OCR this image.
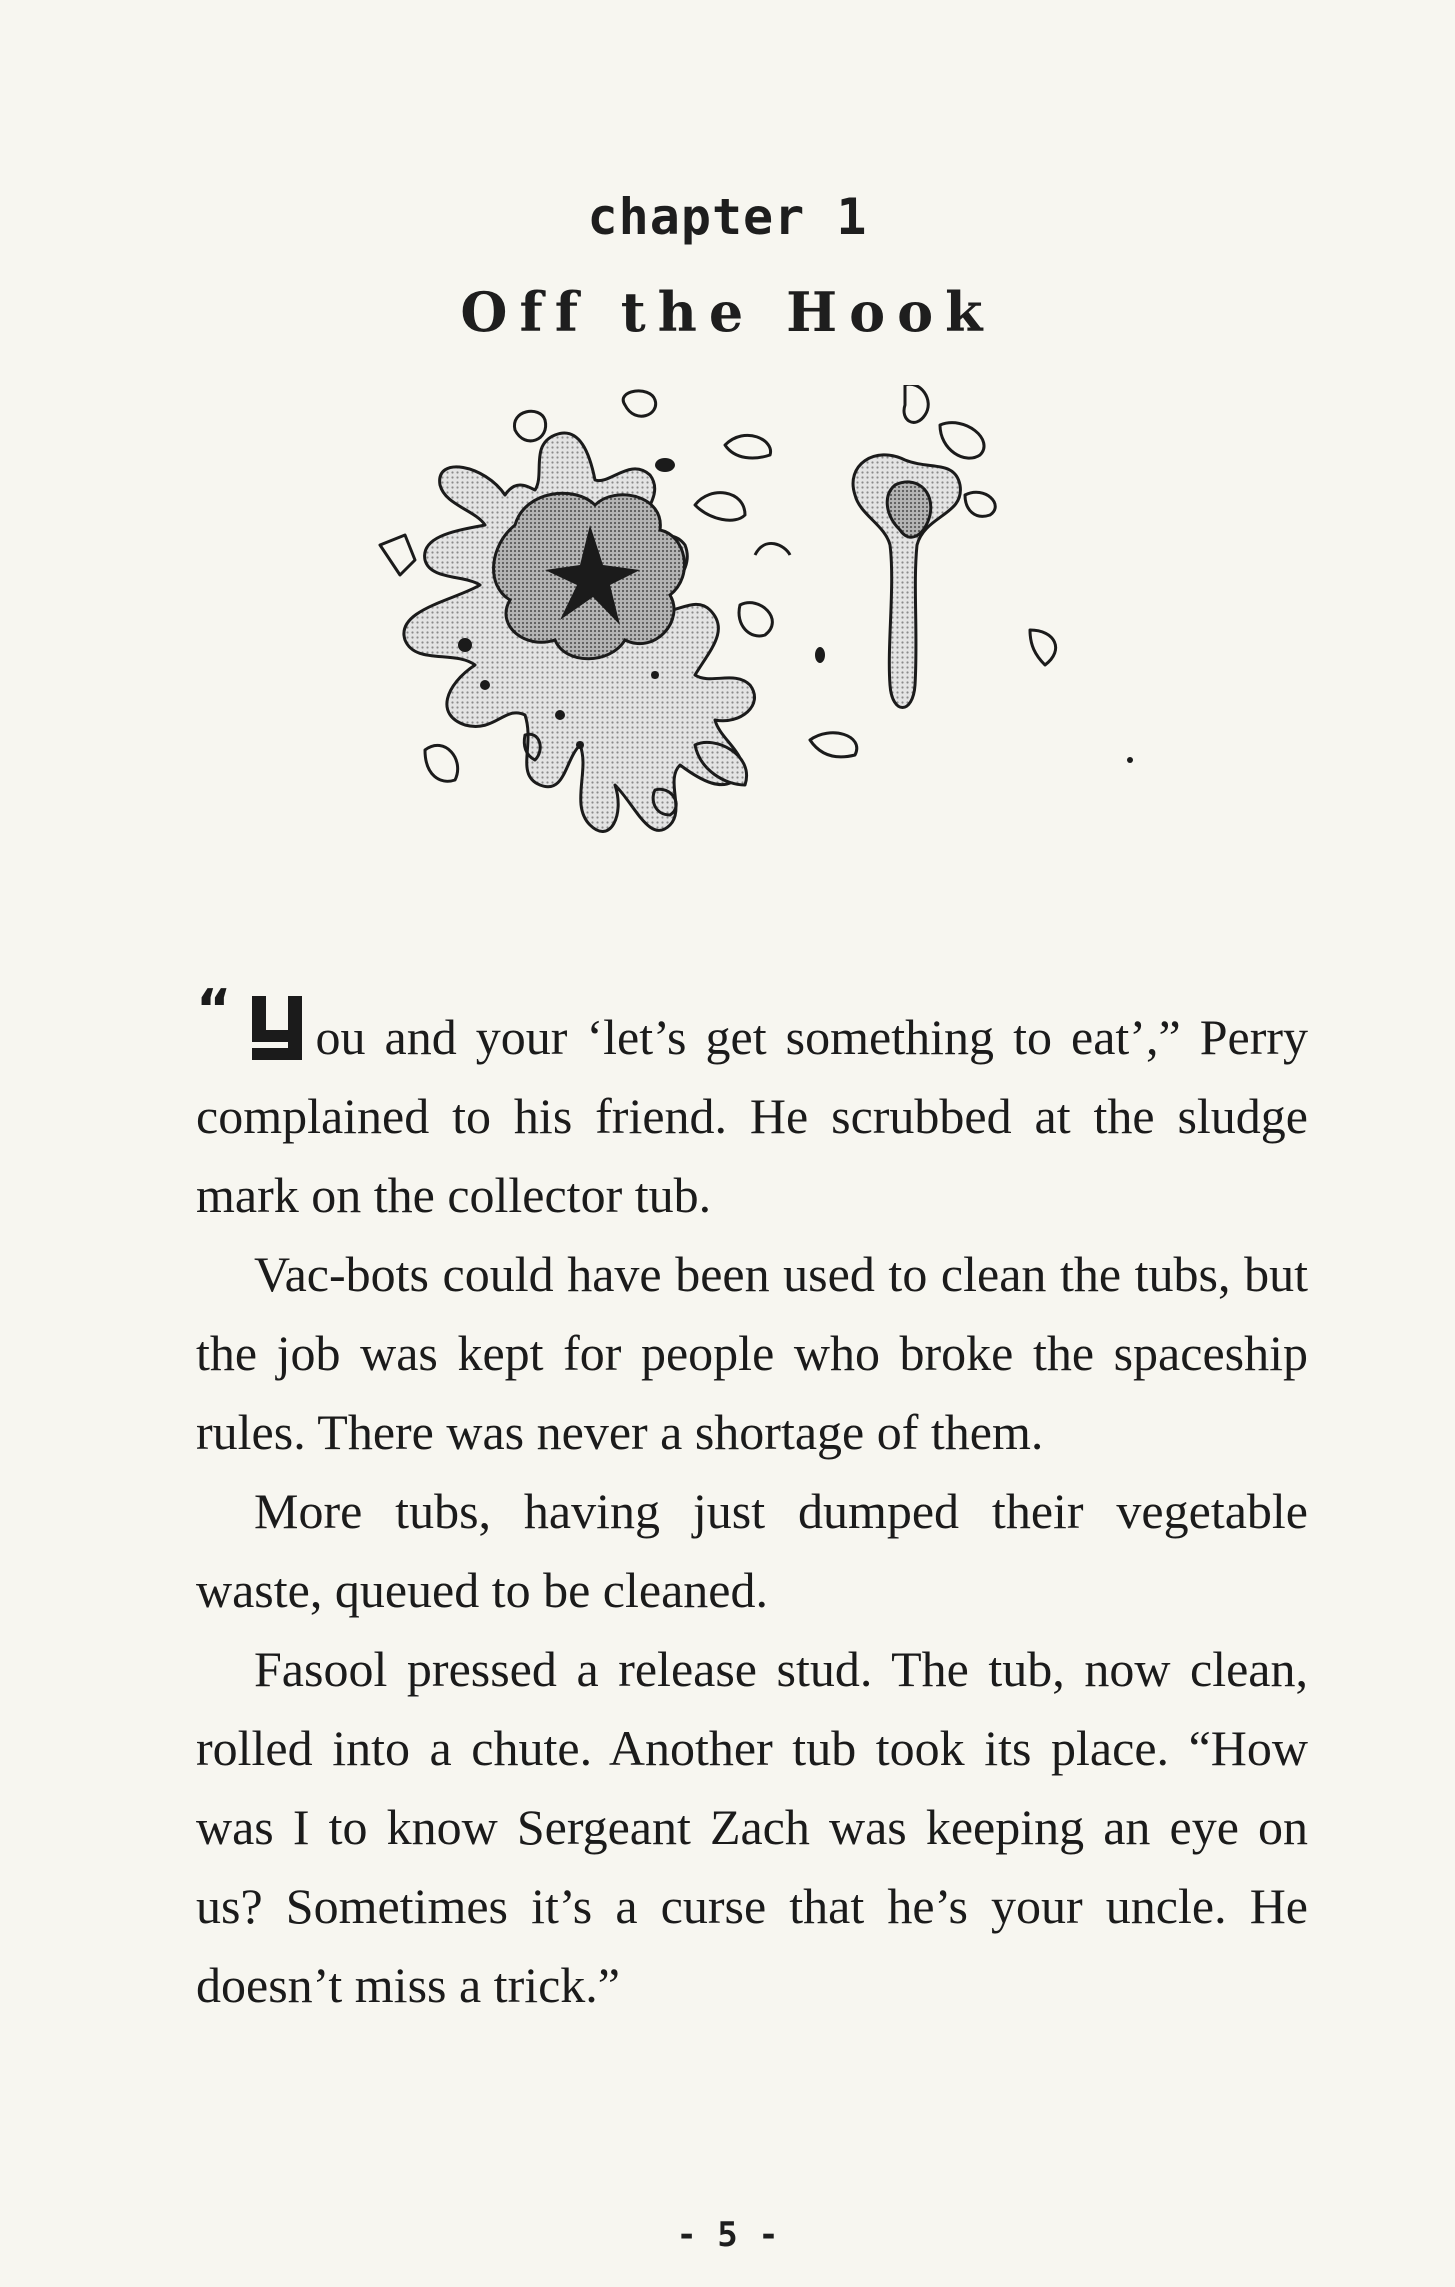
chapter 1
Off the Hook

“ ou and your ‘let’s get something to eat’,” Perry complained to his friend. He scrubbed at the sludge mark on the collector tub.

Vac-bots could have been used to clean the tubs, but the job was kept for people who broke the spaceship rules. There was never a shortage of them.

More tubs, having just dumped their vegetable waste, queued to be cleaned.

Fasool pressed a release stud. The tub, now clean, rolled into a chute. Another tub took its place. “How was I to know Sergeant Zach was keeping an eye on us? Sometimes it’s a curse that he’s your uncle. He doesn’t miss a trick.”

- 5 -
